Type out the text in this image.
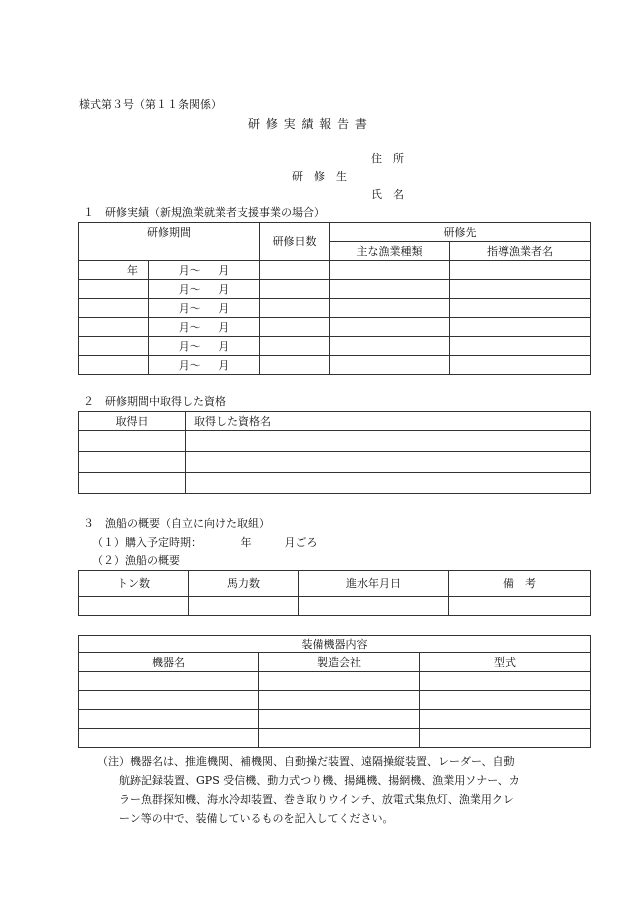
様式第３号（第１１条関係）
研 修 実 績 報 告 書
住　所
研　修　生
氏　名
１　研修実績（新規漁業就業者支援事業の場合）
研修期間		研修日数	研修先	
			主な漁業種類	指導漁業者名
年	月～ 月			
	月～ 月			
	月～ 月			
	月～ 月			
	月～ 月			
	月～ 月			
２　研修期間中取得した資格
取得日	取得した資格名

３　漁船の概要（自立に向けた取組）
（１）購入予定時期：　　　　年　　　月ごろ
（２）漁船の概要
トン数	馬力数	進水年月日	備　考

装備機器内容		
機器名	製造会社	型式

（注）機器名は、推進機関、補機関、自動操だ装置、遠隔操縦装置、レーダー、自動
航跡記録装置、GPS 受信機、動力式つり機、揚縄機、揚網機、漁業用ソナー、カ
ラー魚群探知機、海水冷却装置、巻き取りウインチ、放電式集魚灯、漁業用クレ
ーン等の中で、装備しているものを記入してください。
